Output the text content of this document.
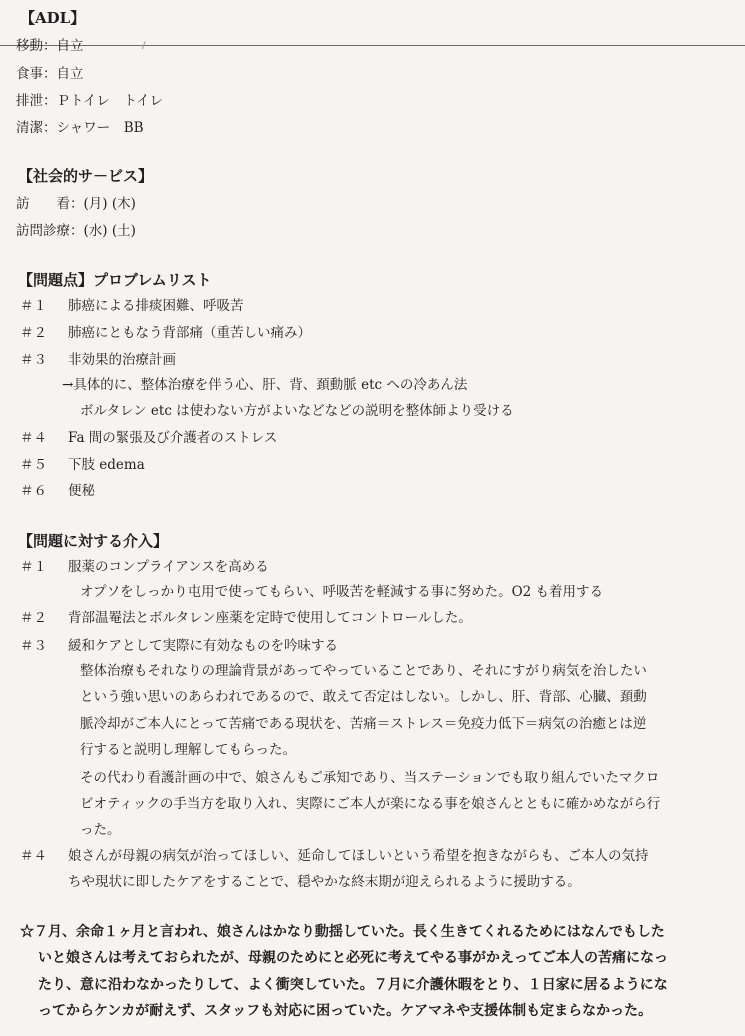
【ADL】
移動：自立
食事：自立
排泄：Ｐトイレ　トイレ
清潔：シャワー　BB
【社会的サ－ビス】
訪　　看：(月) (木)
訪問診療：(水) (土)
【問題点】プロブレムリスト
＃１ 肺癌による排痰困難、呼吸苦
＃２ 肺癌にともなう背部痛（重苦しい痛み）
＃３ 非効果的治療計画
→具体的に、整体治療を伴う心、肝、背、頚動脈 etc への冷あん法
ボルタレン etc は使わない方がよいなどなどの説明を整体師より受ける
＃４ Fa 間の緊張及び介護者のストレス
＃５ 下肢 edema
＃６ 便秘
【問題に対する介入】
＃１ 服薬のコンプライアンスを高める
オプソをしっかり屯用で使ってもらい、呼吸苦を軽減する事に努めた。O2 も着用する
＃２ 背部温罨法とボルタレン座薬を定時で使用してコントロールした。
＃３ 緩和ケアとして実際に有効なものを吟味する
整体治療もそれなりの理論背景があってやっていることであり、それにすがり病気を治したい
という強い思いのあらわれであるので、敢えて否定はしない。しかし、肝、背部、心臓、頚動
脈冷却がご本人にとって苦痛である現状を、苦痛＝ストレス＝免疫力低下＝病気の治癒とは逆
行すると説明し理解してもらった。
その代わり看護計画の中で、娘さんもご承知であり、当ステーションでも取り組んでいたマクロ
ビオティックの手当方を取り入れ、実際にご本人が楽になる事を娘さんとともに確かめながら行
った。
＃４ 娘さんが母親の病気が治ってほしい、延命してほしいという希望を抱きながらも、ご本人の気持
ちや現状に即したケアをすることで、穏やかな終末期が迎えられるように援助する。
☆７月、余命１ヶ月と言われ、娘さんはかなり動揺していた。長く生きてくれるためにはなんでもした
いと娘さんは考えておられたが、母親のためにと必死に考えてやる事がかえってご本人の苦痛になっ
たり、意に沿わなかったりして、よく衝突していた。７月に介護休暇をとり、１日家に居るようにな
ってからケンカが耐えず、スタッフも対応に困っていた。ケアマネや支援体制も定まらなかった。
